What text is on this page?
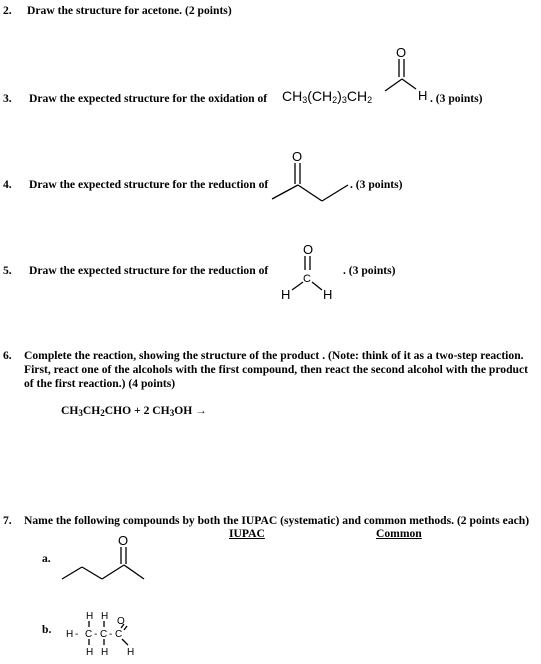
2. Draw the structure for acetone. (2 points)
3. Draw the expected structure for the oxidation of $CH_3(CH_2)_3CH_2$
O
H . (3 points)
4. Draw the expected structure for the reduction of
O
. (3 points)
5. Draw the expected structure for the reduction of
O
C
H	H
. (3 points)
6. Complete the reaction, showing the structure of the product . (Note: think of it as a two-step reaction.
First, react one of the alcohols with the first compound, then react the second alcohol with the product
of the first reaction.) (4 points)
$CH_3CH_2CHO + 2$ $CH_3OH$ →
7. Name the following compounds by both the IUPAC (systematic) and common methods. (2 points each)
IUPAC	Common
a.
O
b.
H H O
H - C - C - C
H H H
